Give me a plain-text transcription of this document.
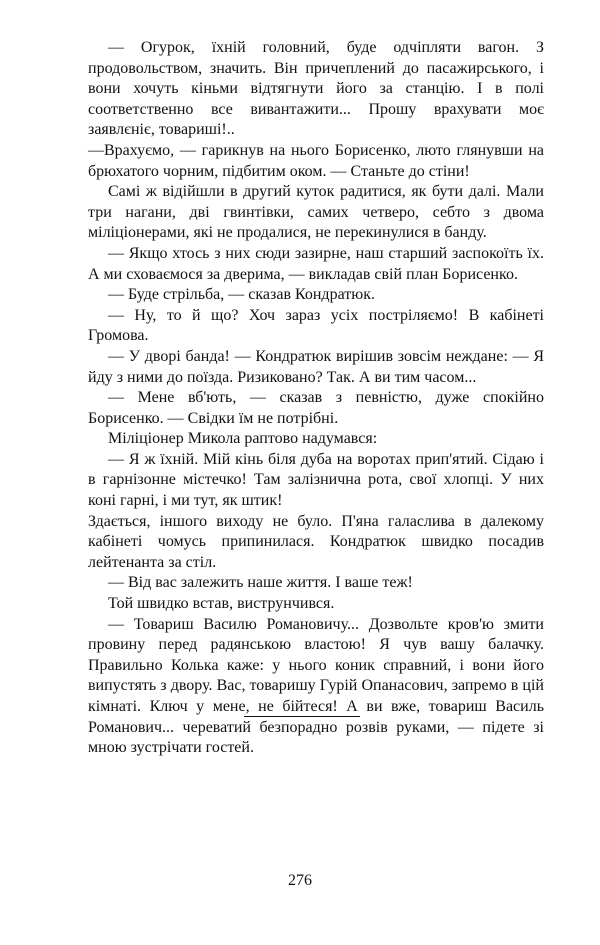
— Огурок, їхній головний, буде одчіпляти вагон. З продовольством, значить. Він причеплений до пасажирського, і вони хочуть кіньми відтягнути його за станцію. І в полі соответственно все вивантажити... Прошу врахувати моє заявлєніє, товариші!..

—Врахуємо, — гарикнув на нього Борисенко, люто глянувши на брюхатого чорним, підбитим оком. — Станьте до стіни!

Самі ж відійшли в другий куток радитися, як бути далі. Мали три нагани, дві гвинтівки, самих четверо, себто з двома міліціонерами, які не продалися, не перекинулися в банду.

— Якщо хтось з них сюди зазирне, наш старший заспокоїть їх. А ми сховаємося за дверима, — викладав свій план Борисенко.

— Буде стрільба, — сказав Кондратюк.

— Ну, то й що? Хоч зараз усіх постріляємо! В кабінеті Громова.

— У дворі банда! — Кондратюк вирішив зовсім неждане: — Я йду з ними до поїзда. Ризиковано? Так. А ви тим часом...

— Мене вб'ють, — сказав з певністю, дуже спокійно Борисенко. — Свідки їм не потрібні.

Міліціонер Микола раптово надумався:

— Я ж їхній. Мій кінь біля дуба на воротах прип'ятий. Сідаю і в гарнізонне містечко! Там залізнична рота, свої хлопці. У них коні гарні, і ми тут, як штик!

Здається, іншого виходу не було. П'яна галаслива в далекому кабінеті чомусь припинилася. Кондратюк швидко посадив лейтенанта за стіл.

— Від вас залежить наше життя. І ваше теж!

Той швидко встав, виструнчився.

— Товариш Василю Романовичу... Дозвольте кров'ю змити провину перед радянською властою! Я чув вашу балачку. Правильно Колька каже: у нього коник справний, і вони його випустять з двору. Вас, товаришу Гурій Опанасович, запремо в цій кімнаті. Ключ у мене, не бійтеся! А ви вже, товариш Василь Романович... череватий безпорадно розвів руками, — підете зі мною зустрічати гостей.

276
